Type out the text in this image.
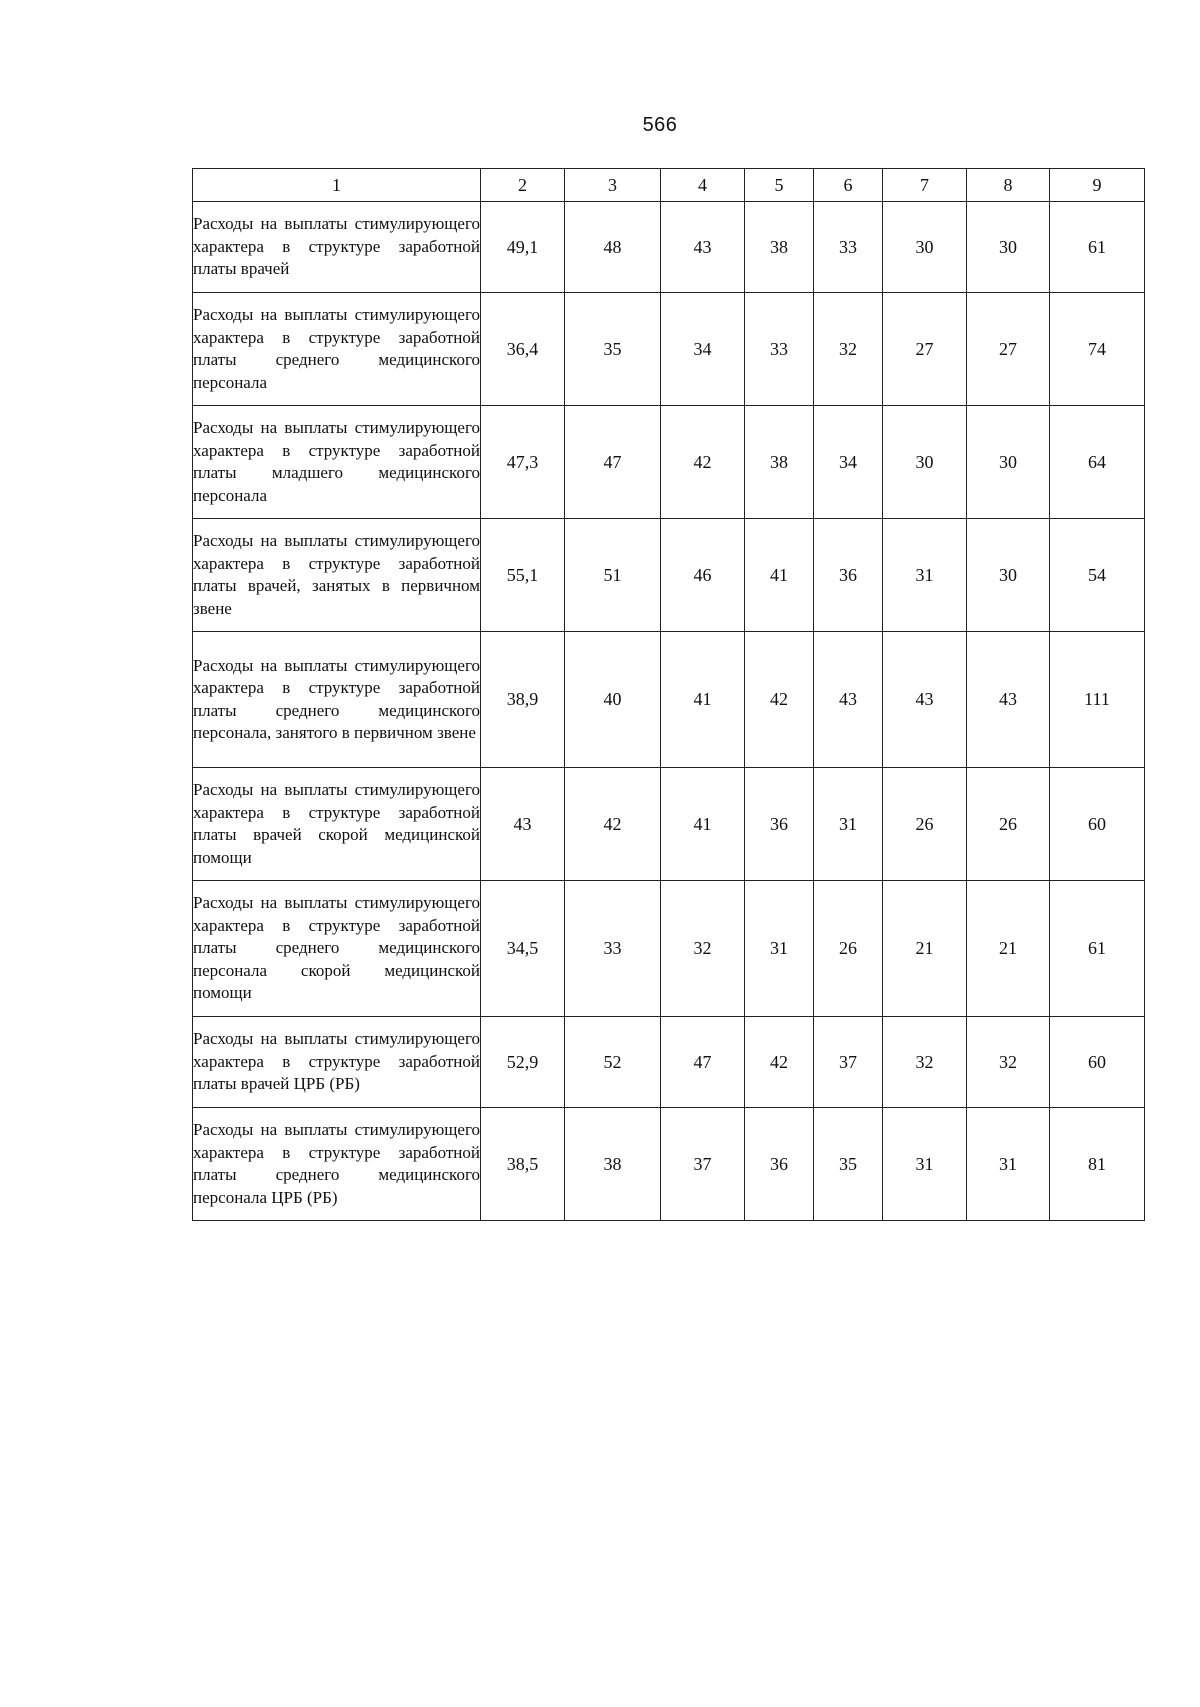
566
1	2	3	4	5	6	7	8	9
Расходы на выплаты стимулирующего характера в структуре заработной платы врачей	49,1	48	43	38	33	30	30	61
Расходы на выплаты стимулирующего характера в структуре заработной платы среднего медицинского персонала	36,4	35	34	33	32	27	27	74
Расходы на выплаты стимулирующего характера в структуре заработной платы младшего медицинского персонала	47,3	47	42	38	34	30	30	64
Расходы на выплаты стимулирующего характера в структуре заработной платы врачей, занятых в первичном звене	55,1	51	46	41	36	31	30	54
Расходы на выплаты стимулирующего характера в структуре заработной платы среднего медицинского персонала, занятого в первичном звене	38,9	40	41	42	43	43	43	111
Расходы на выплаты стимулирующего характера в структуре заработной платы врачей скорой медицинской помощи	43	42	41	36	31	26	26	60
Расходы на выплаты стимулирующего характера в структуре заработной платы среднего медицинского персонала скорой медицинской помощи	34,5	33	32	31	26	21	21	61
Расходы на выплаты стимулирующего характера в структуре заработной платы врачей ЦРБ (РБ)	52,9	52	47	42	37	32	32	60
Расходы на выплаты стимулирующего характера в структуре заработной платы среднего медицинского персонала ЦРБ (РБ)	38,5	38	37	36	35	31	31	81
